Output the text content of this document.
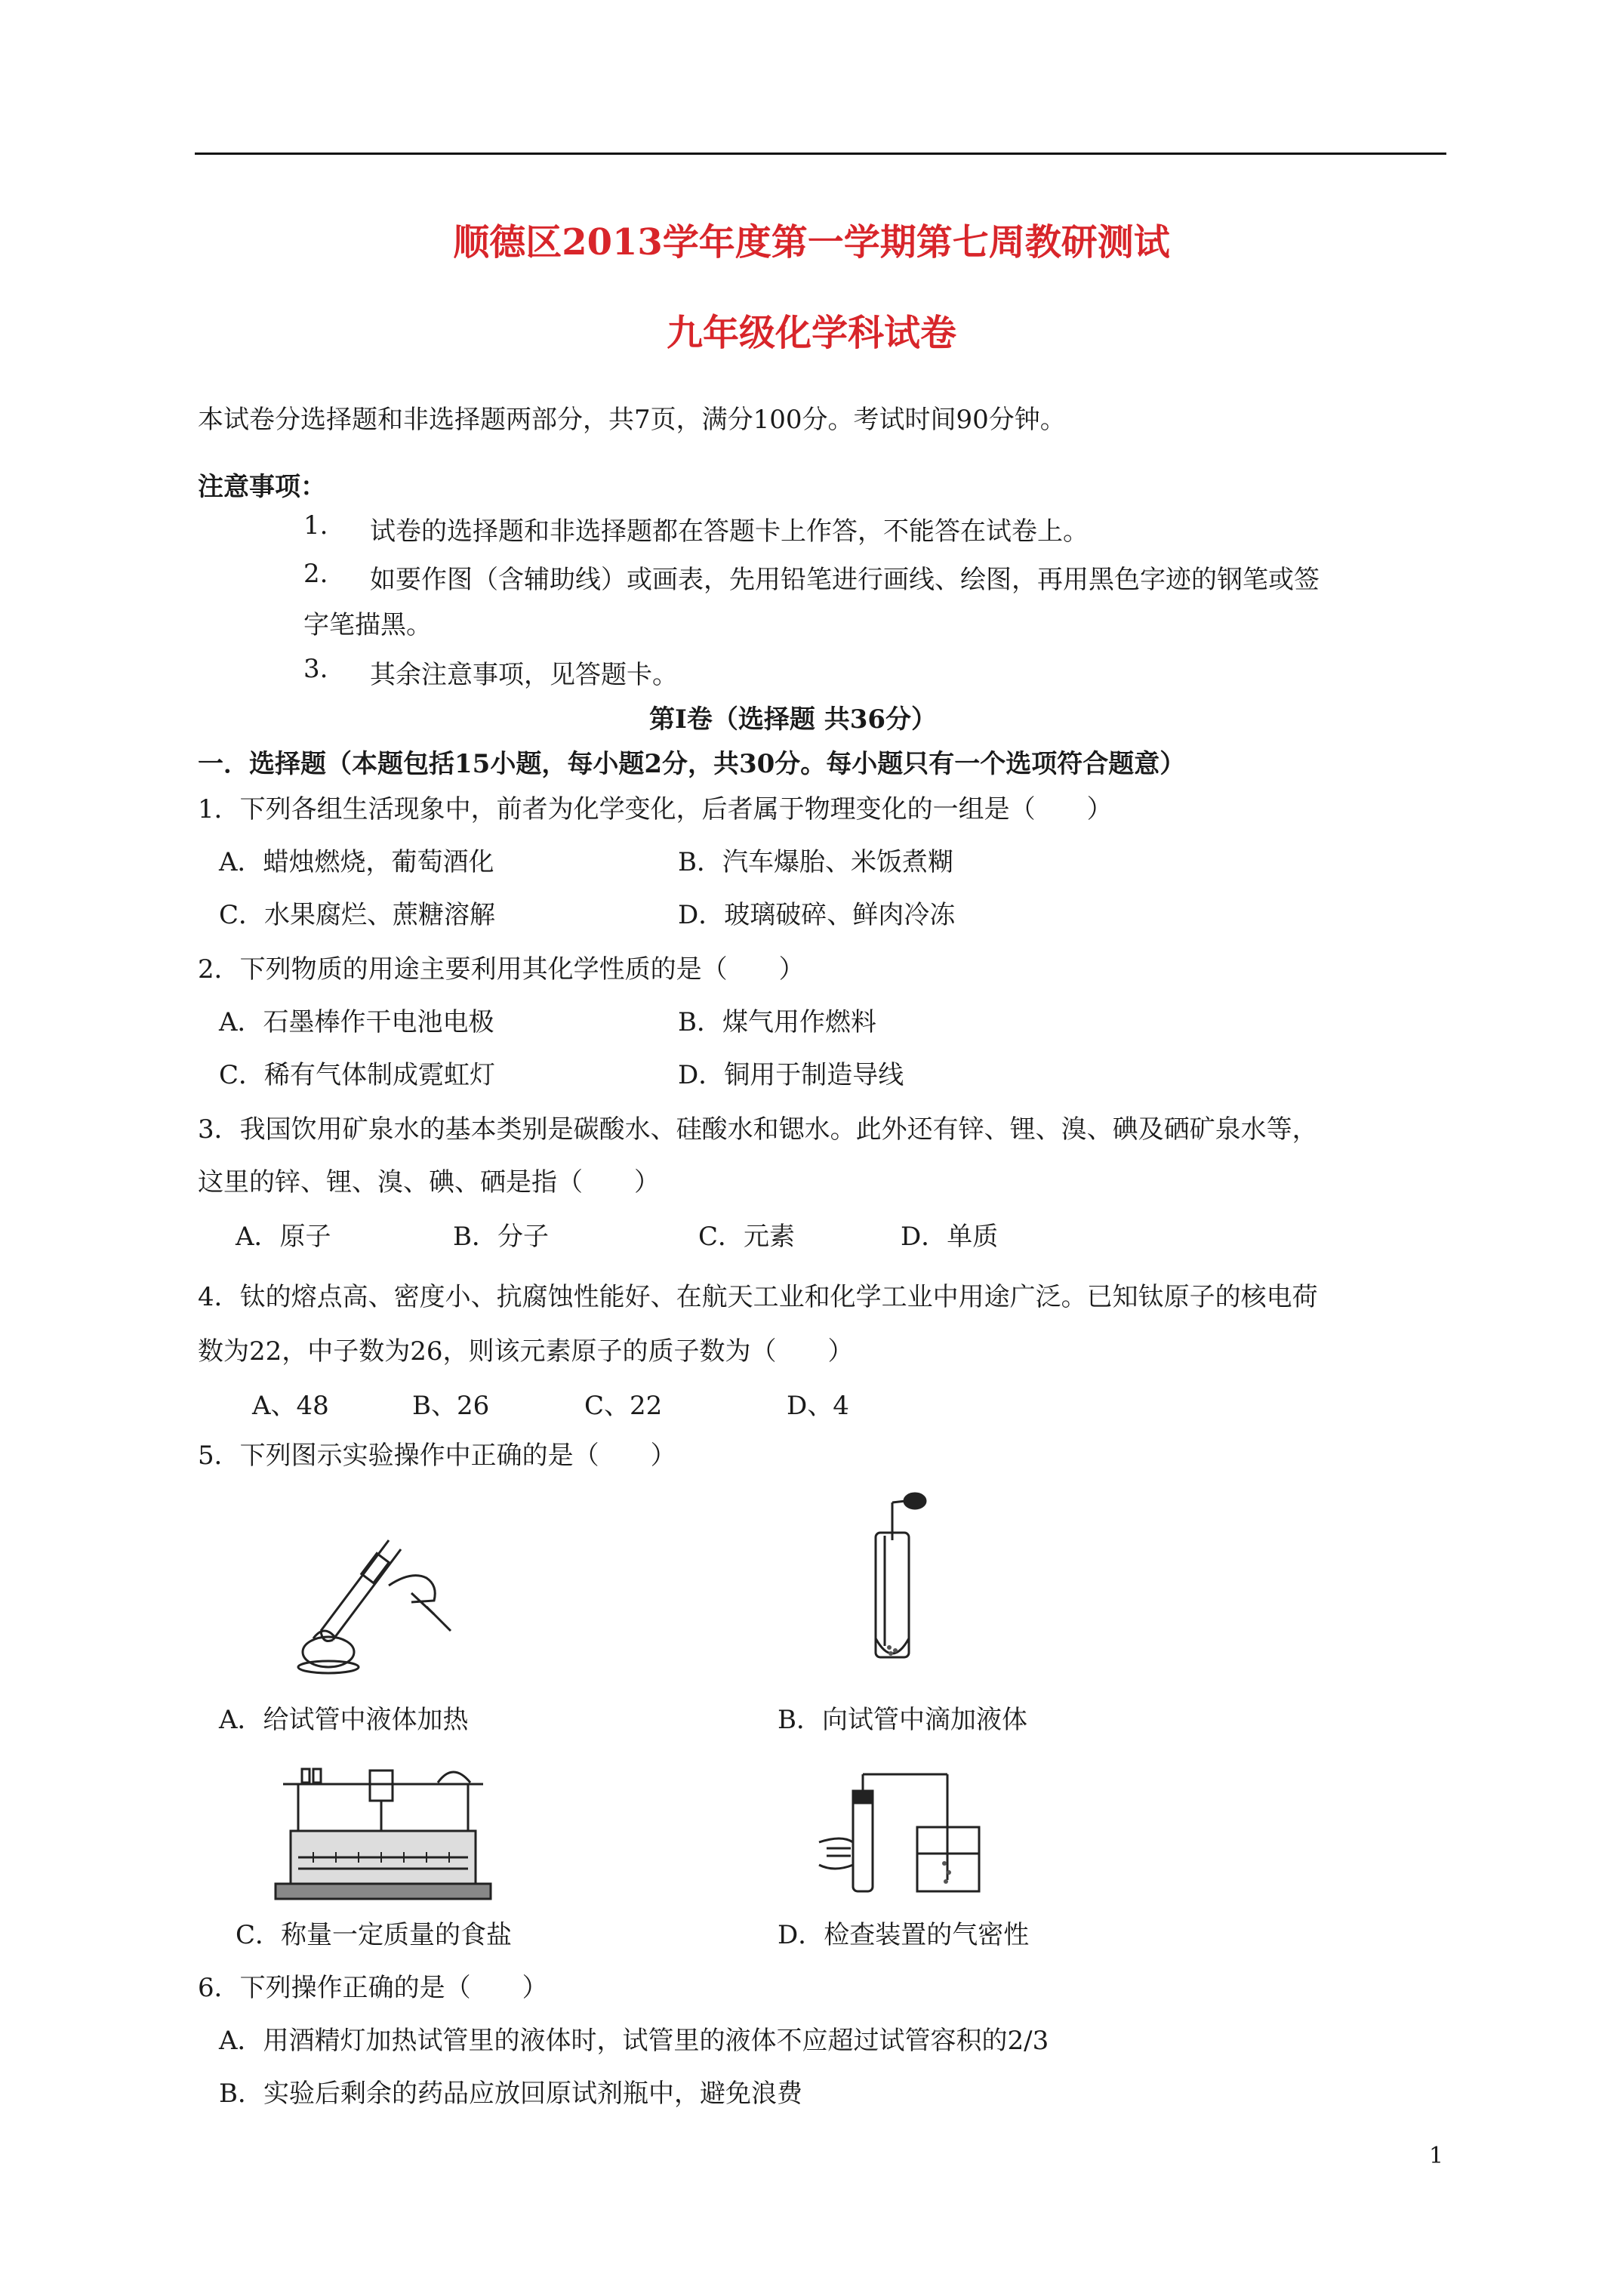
顺德区2013学年度第一学期第七周教研测试
九年级化学科试卷
本试卷分选择题和非选择题两部分，共7页，满分100分。考试时间90分钟。
注意事项：
1. 试卷的选择题和非选择题都在答题卡上作答，不能答在试卷上。
2. 如要作图（含辅助线）或画表，先用铅笔进行画线、绘图，再用黑色字迹的钢笔或签
字笔描黑。
3. 其余注意事项，见答题卡。
第Ⅰ卷（选择题 共36分）
一．选择题（本题包括15小题，每小题2分，共30分。每小题只有一个选项符合题意）
1．下列各组生活现象中，前者为化学变化，后者属于物理变化的一组是（　　）
A．蜡烛燃烧，葡萄酒化	B．汽车爆胎、米饭煮糊
C．水果腐烂、蔗糖溶解	D．玻璃破碎、鲜肉冷冻
2．下列物质的用途主要利用其化学性质的是（　　）
A．石墨棒作干电池电极	B．煤气用作燃料
C．稀有气体制成霓虹灯	D．铜用于制造导线
3．我国饮用矿泉水的基本类别是碳酸水、硅酸水和锶水。此外还有锌、锂、溴、碘及硒矿泉水等，
这里的锌、锂、溴、碘、硒是指（　　）
A．原子	B．分子	C．元素	D．单质
4．钛的熔点高、密度小、抗腐蚀性能好、在航天工业和化学工业中用途广泛。已知钛原子的核电荷
数为22，中子数为26，则该元素原子的质子数为（　　）
A、48	B、26	C、22	D、4
5．下列图示实验操作中正确的是（　　）
A．给试管中液体加热	B．向试管中滴加液体
C．称量一定质量的食盐	D．检查装置的气密性
6．下列操作正确的是（　　）
A．用酒精灯加热试管里的液体时，试管里的液体不应超过试管容积的2/3
B．实验后剩余的药品应放回原试剂瓶中，避免浪费
1
